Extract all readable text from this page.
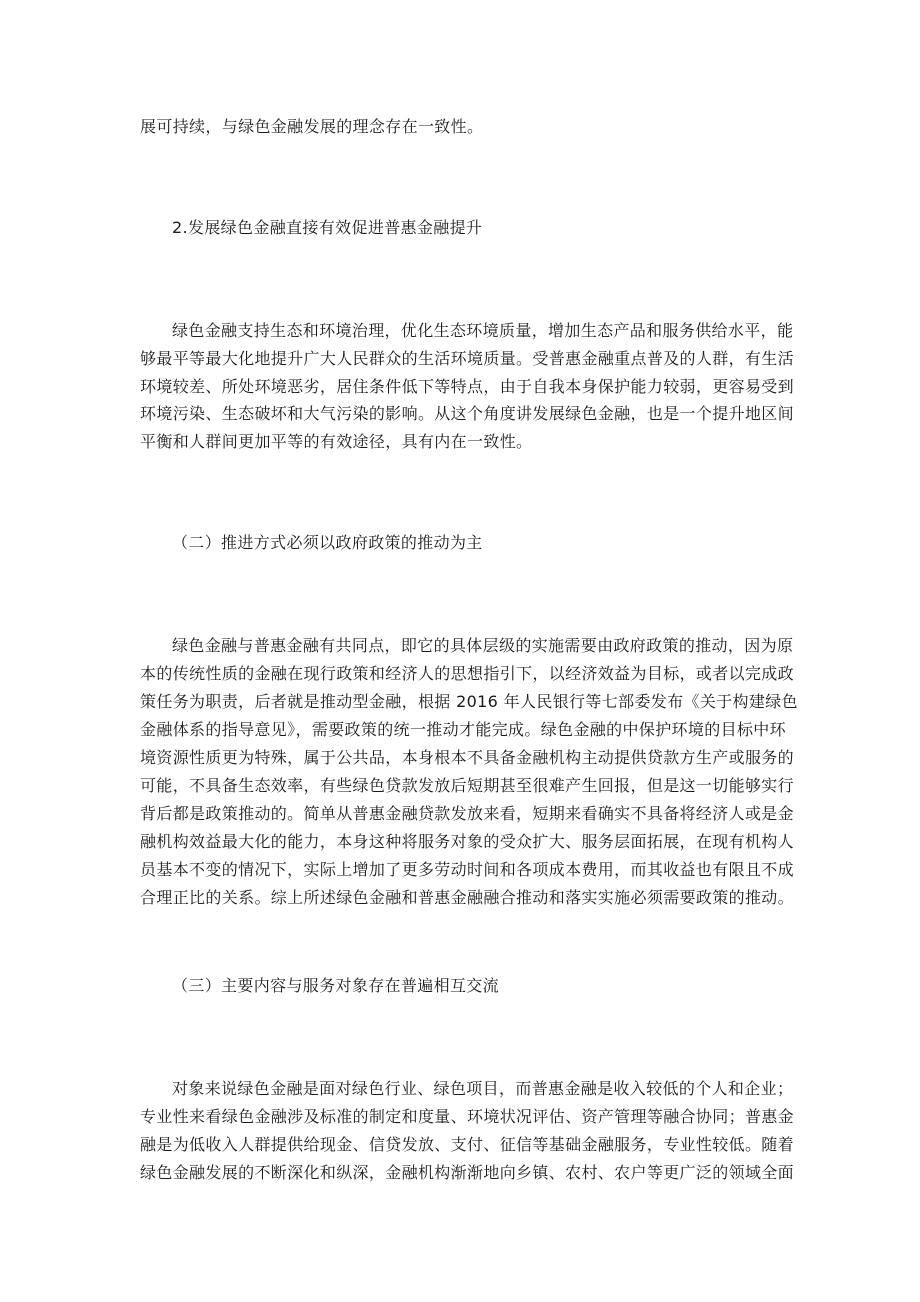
展可持续，与绿色金融发展的理念存在一致性。
2.发展绿色金融直接有效促进普惠金融提升
绿色金融支持生态和环境治理，优化生态环境质量，增加生态产品和服务供给水平，能
够最平等最大化地提升广大人民群众的生活环境质量。受普惠金融重点普及的人群，有生活
环境较差、所处环境恶劣，居住条件低下等特点，由于自我本身保护能力较弱，更容易受到
环境污染、生态破坏和大气污染的影响。从这个角度讲发展绿色金融，也是一个提升地区间
平衡和人群间更加平等的有效途径，具有内在一致性。
（二）推进方式必须以政府政策的推动为主
绿色金融与普惠金融有共同点，即它的具体层级的实施需要由政府政策的推动，因为原
本的传统性质的金融在现行政策和经济人的思想指引下，以经济效益为目标，或者以完成政
策任务为职责，后者就是推动型金融，根据 2016 年人民银行等七部委发布《关于构建绿色
金融体系的指导意见》，需要政策的统一推动才能完成。绿色金融的中保护环境的目标中环
境资源性质更为特殊，属于公共品，本身根本不具备金融机构主动提供贷款方生产或服务的
可能，不具备生态效率，有些绿色贷款发放后短期甚至很难产生回报，但是这一切能够实行
背后都是政策推动的。简单从普惠金融贷款发放来看，短期来看确实不具备将经济人或是金
融机构效益最大化的能力，本身这种将服务对象的受众扩大、服务层面拓展，在现有机构人
员基本不变的情况下，实际上增加了更多劳动时间和各项成本费用，而其收益也有限且不成
合理正比的关系。综上所述绿色金融和普惠金融融合推动和落实实施必须需要政策的推动。
（三）主要内容与服务对象存在普遍相互交流
对象来说绿色金融是面对绿色行业、绿色项目，而普惠金融是收入较低的个人和企业；
专业性来看绿色金融涉及标准的制定和度量、环境状况评估、资产管理等融合协同；普惠金
融是为低收入人群提供给现金、信贷发放、支付、征信等基础金融服务，专业性较低。随着
绿色金融发展的不断深化和纵深，金融机构渐渐地向乡镇、农村、农户等更广泛的领域全面
